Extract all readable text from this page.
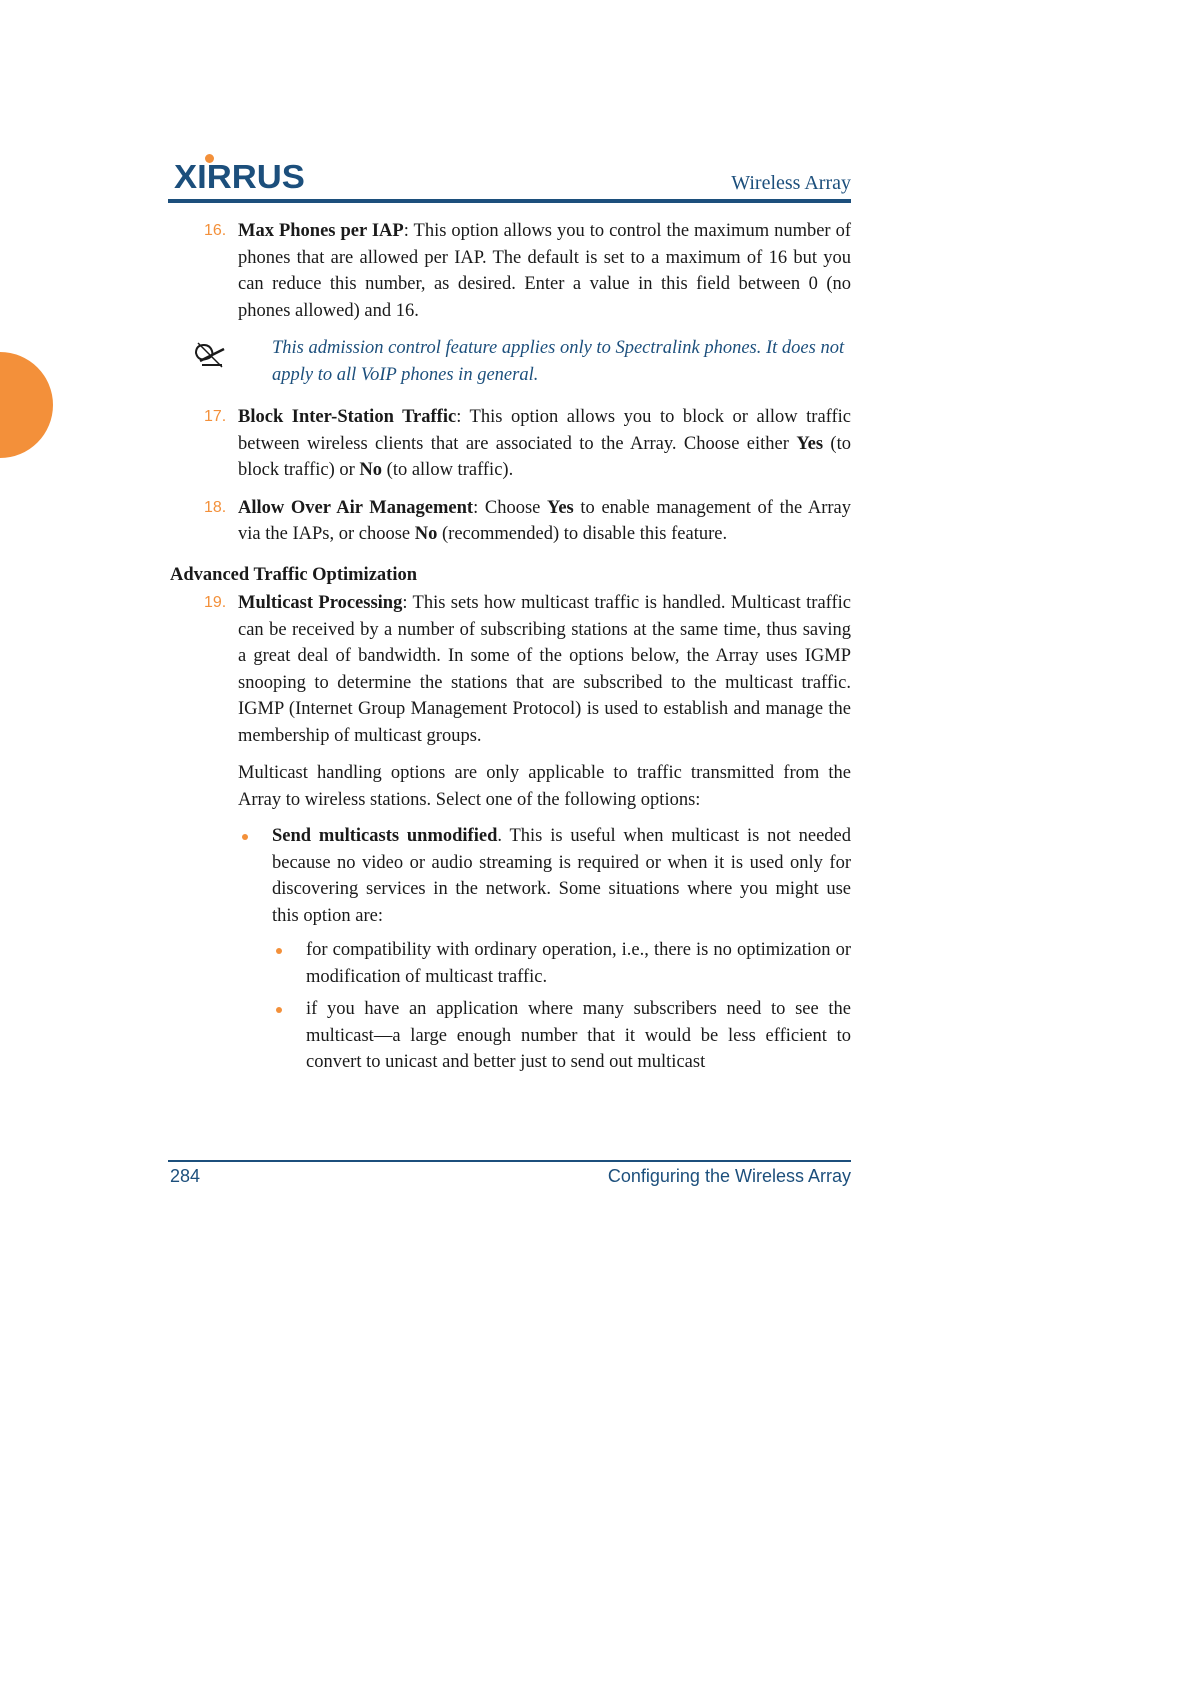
XIRRUS	Wireless Array
16. Max Phones per IAP: This option allows you to control the maximum number of phones that are allowed per IAP. The default is set to a maximum of 16 but you can reduce this number, as desired. Enter a value in this field between 0 (no phones allowed) and 16.
This admission control feature applies only to Spectralink phones. It does not apply to all VoIP phones in general.
17. Block Inter-Station Traffic: This option allows you to block or allow traffic between wireless clients that are associated to the Array. Choose either Yes (to block traffic) or No (to allow traffic).
18. Allow Over Air Management: Choose Yes to enable management of the Array via the IAPs, or choose No (recommended) to disable this feature.
Advanced Traffic Optimization
19. Multicast Processing: This sets how multicast traffic is handled. Multicast traffic can be received by a number of subscribing stations at the same time, thus saving a great deal of bandwidth. In some of the options below, the Array uses IGMP snooping to determine the stations that are subscribed to the multicast traffic. IGMP (Internet Group Management Protocol) is used to establish and manage the membership of multicast groups.
Multicast handling options are only applicable to traffic transmitted from the Array to wireless stations. Select one of the following options:
Send multicasts unmodified. This is useful when multicast is not needed because no video or audio streaming is required or when it is used only for discovering services in the network. Some situations where you might use this option are:
for compatibility with ordinary operation, i.e., there is no optimization or modification of multicast traffic.
if you have an application where many subscribers need to see the multicast—a large enough number that it would be less efficient to convert to unicast and better just to send out multicast
284	Configuring the Wireless Array
